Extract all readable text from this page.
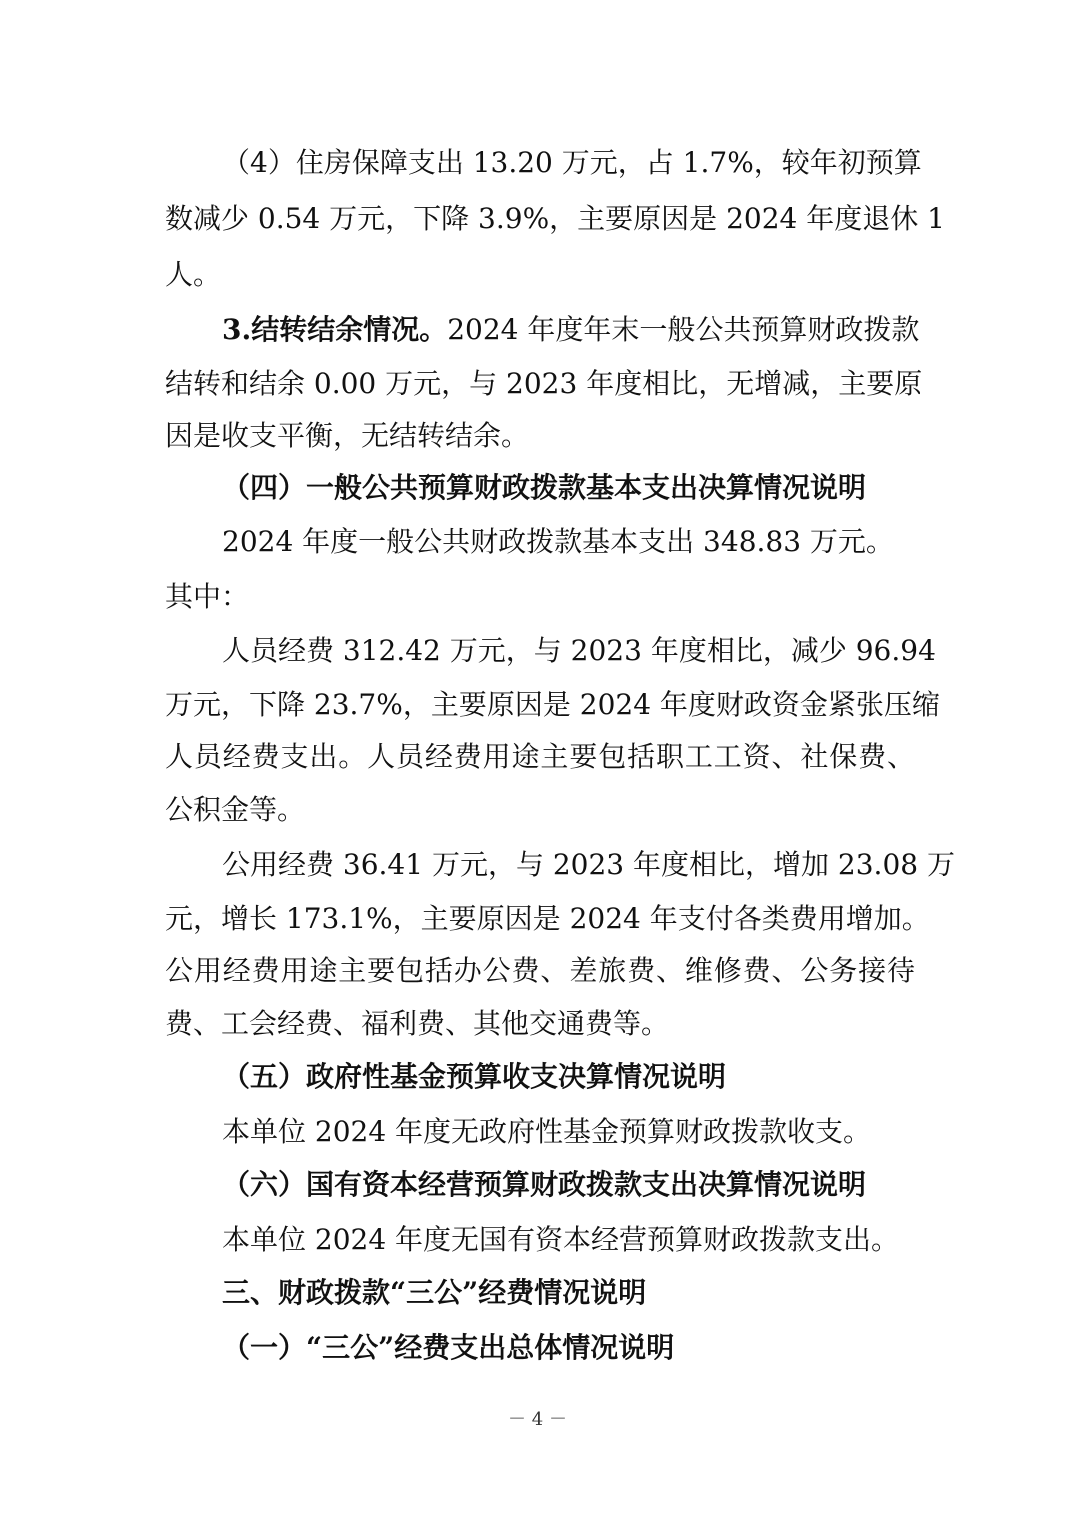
（4）住房保障支出 13.20 万元，占 1.7%，较年初预算
数减少 0.54 万元，下降 3.9%，主要原因是 2024 年度退休 1
人。
3.结转结余情况。2024 年度年末一般公共预算财政拨款
结转和结余 0.00 万元，与 2023 年度相比，无增减，主要原
因是收支平衡，无结转结余。
（四）一般公共预算财政拨款基本支出决算情况说明
2024 年度一般公共财政拨款基本支出 348.83 万元。
其中：
人员经费 312.42 万元，与 2023 年度相比，减少 96.94
万元，下降 23.7%，主要原因是 2024 年度财政资金紧张压缩
人员经费支出。人员经费用途主要包括职工工资、社保费、
公积金等。
公用经费 36.41 万元，与 2023 年度相比，增加 23.08 万
元，增长 173.1%，主要原因是 2024 年支付各类费用增加。
公用经费用途主要包括办公费、差旅费、维修费、公务接待
费、工会经费、福利费、其他交通费等。
（五）政府性基金预算收支决算情况说明
本单位 2024 年度无政府性基金预算财政拨款收支。
（六）国有资本经营预算财政拨款支出决算情况说明
本单位 2024 年度无国有资本经营预算财政拨款支出。
三、财政拨款“三公”经费情况说明
（一）“三公”经费支出总体情况说明
－ 4 －
